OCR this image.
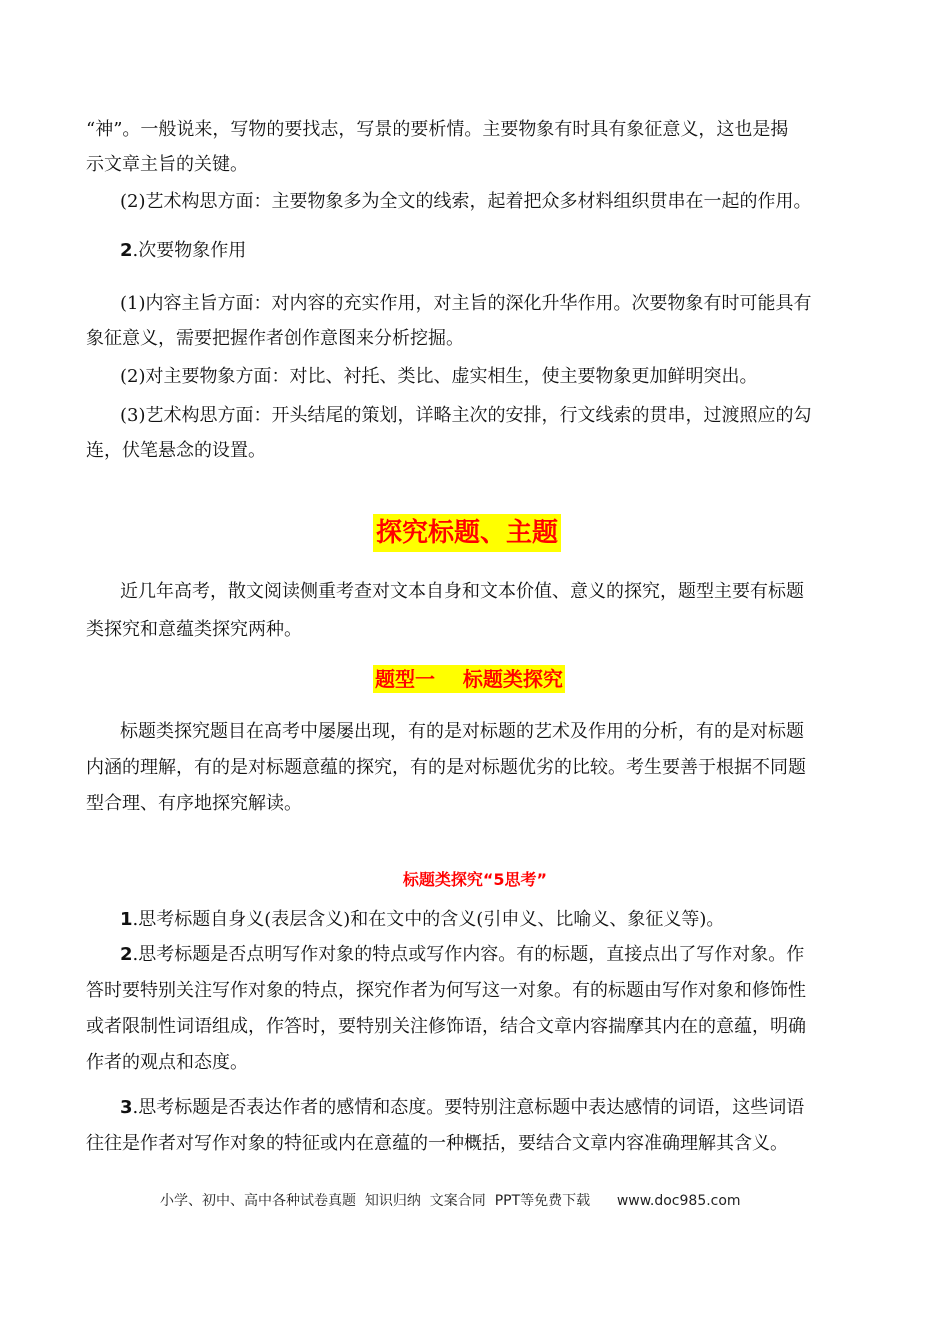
“神”。一般说来，写物的要找志，写景的要析情。主要物象有时具有象征意义，这也是揭

示文章主旨的关键。

(2)艺术构思方面：主要物象多为全文的线索，起着把众多材料组织贯串在一起的作用。

2.次要物象作用

(1)内容主旨方面：对内容的充实作用，对主旨的深化升华作用。次要物象有时可能具有

象征意义，需要把握作者创作意图来分析挖掘。

(2)对主要物象方面：对比、衬托、类比、虚实相生，使主要物象更加鲜明突出。

(3)艺术构思方面：开头结尾的策划，详略主次的安排，行文线索的贯串，过渡照应的勾

连，伏笔悬念的设置。

探究标题、主题

近几年高考，散文阅读侧重考查对文本自身和文本价值、意义的探究，题型主要有标题

类探究和意蕴类探究两种。

题型一    标题类探究

标题类探究题目在高考中屡屡出现，有的是对标题的艺术及作用的分析，有的是对标题

内涵的理解，有的是对标题意蕴的探究，有的是对标题优劣的比较。考生要善于根据不同题

型合理、有序地探究解读。

标题类探究“5思考”

1.思考标题自身义(表层含义)和在文中的含义(引申义、比喻义、象征义等)。

2.思考标题是否点明写作对象的特点或写作内容。有的标题，直接点出了写作对象。作

答时要特别关注写作对象的特点，探究作者为何写这一对象。有的标题由写作对象和修饰性

或者限制性词语组成，作答时，要特别关注修饰语，结合文章内容揣摩其内在的意蕴，明确

作者的观点和态度。

3.思考标题是否表达作者的感情和态度。要特别注意标题中表达感情的词语，这些词语

往往是作者对写作对象的特征或内在意蕴的一种概括，要结合文章内容准确理解其含义。

小学、初中、高中各种试卷真题  知识归纳  文案合同  PPT等免费下载      www.doc985.com
